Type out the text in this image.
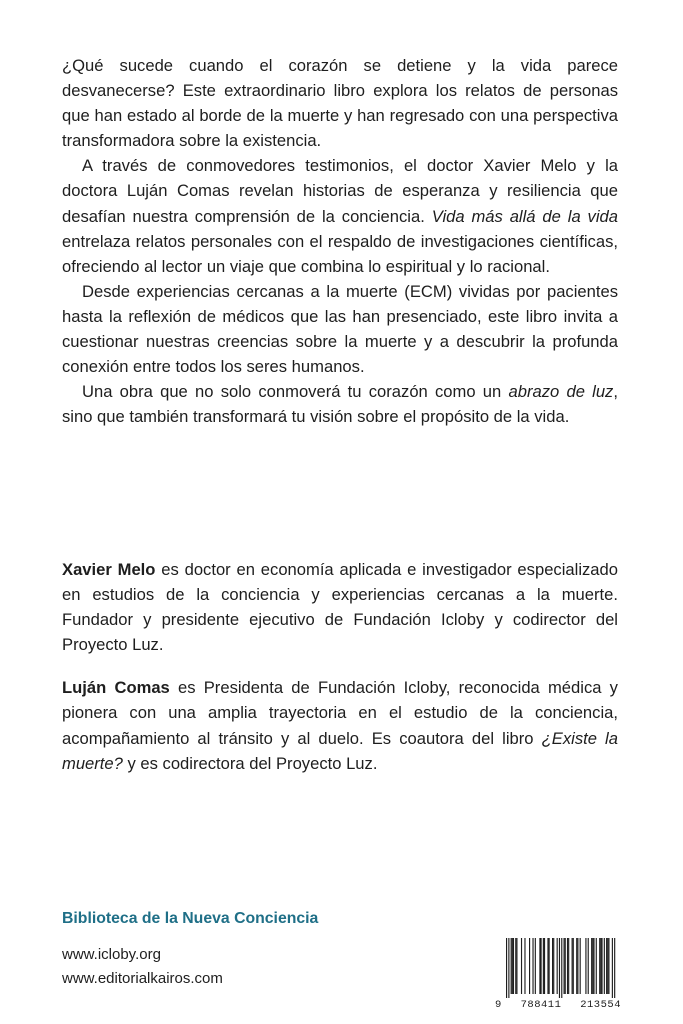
¿Qué sucede cuando el corazón se detiene y la vida parece desvanecerse? Este extraordinario libro explora los relatos de personas que han estado al borde de la muerte y han regresado con una perspectiva transformadora sobre la existencia.

A través de conmovedores testimonios, el doctor Xavier Melo y la doctora Luján Comas revelan historias de esperanza y resiliencia que desafían nuestra comprensión de la conciencia. Vida más allá de la vida entrelaza relatos personales con el respaldo de investigaciones científicas, ofreciendo al lector un viaje que combina lo espiritual y lo racional.

Desde experiencias cercanas a la muerte (ECM) vividas por pacientes hasta la reflexión de médicos que las han presenciado, este libro invita a cuestionar nuestras creencias sobre la muerte y a descubrir la profunda conexión entre todos los seres humanos.

Una obra que no solo conmoverá tu corazón como un abrazo de luz, sino que también transformará tu visión sobre el propósito de la vida.

Xavier Melo es doctor en economía aplicada e investigador especializado en estudios de la conciencia y experiencias cercanas a la muerte. Fundador y presidente ejecutivo de Fundación Icloby y codirector del Proyecto Luz.

Luján Comas es Presidenta de Fundación Icloby, reconocida médica y pionera con una amplia trayectoria en el estudio de la conciencia, acompañamiento al tránsito y al duelo. Es coautora del libro ¿Existe la muerte? y es codirectora del Proyecto Luz.

Biblioteca de la Nueva Conciencia
www.icloby.org
www.editorialkairos.com
9 788411 213554
